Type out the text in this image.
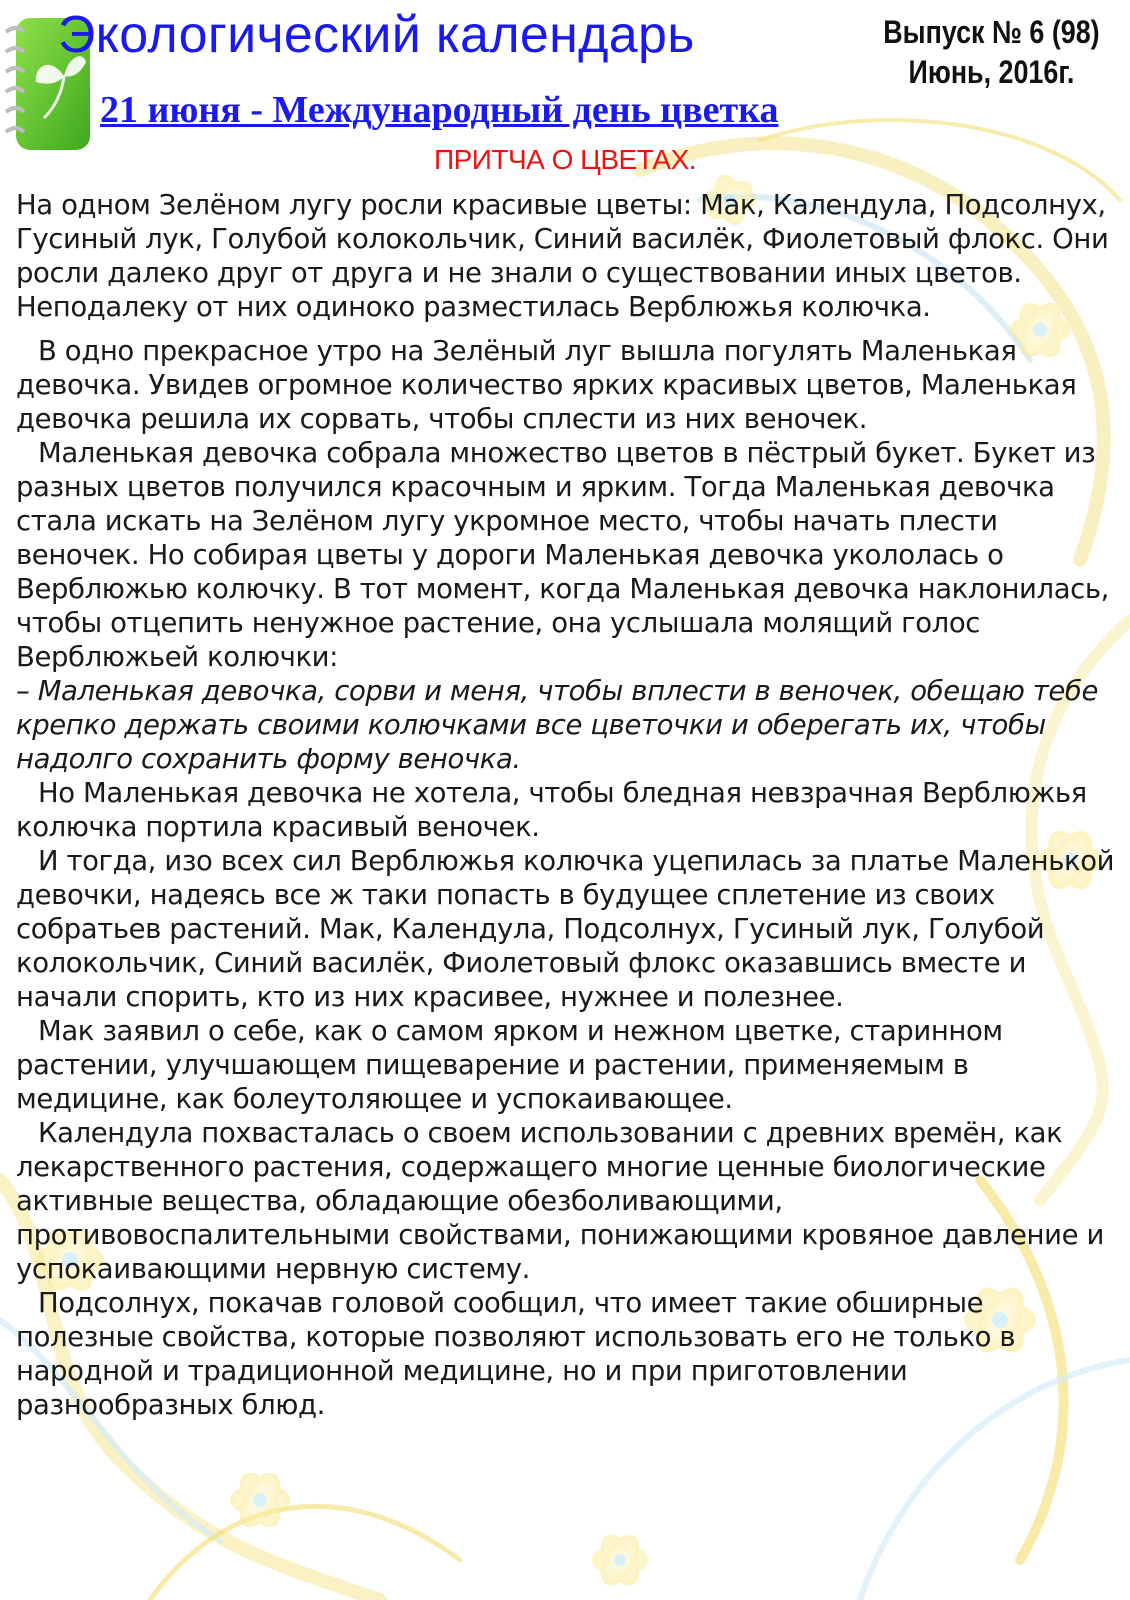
Экологический календарь	Выпуск № 6 (98)
Июнь, 2016г.
21 июня - Международный день цветка
ПРИТЧА О ЦВЕТАХ.

На одном Зелёном лугу росли красивые цветы: Мак, Календула, Подсолнух, Гусиный лук, Голубой колокольчик, Синий василёк, Фиолетовый флокс. Они росли далеко друг от друга и не знали о существовании иных цветов. Неподалеку от них одиноко разместилась Верблюжья колючка.

В одно прекрасное утро на Зелёный луг вышла погулять Маленькая девочка. Увидев огромное количество ярких красивых цветов, Маленькая девочка решила их сорвать, чтобы сплести из них веночек.

Маленькая девочка собрала множество цветов в пёстрый букет. Букет из разных цветов получился красочным и ярким. Тогда Маленькая девочка стала искать на Зелёном лугу укромное место, чтобы начать плести веночек. Но собирая цветы у дороги Маленькая девочка укололась о Верблюжью колючку. В тот момент, когда Маленькая девочка наклонилась, чтобы отцепить ненужное растение, она услышала молящий голос Верблюжьей колючки:

– Маленькая девочка, сорви и меня, чтобы вплести в веночек, обещаю тебе крепко держать своими колючками все цветочки и оберегать их, чтобы надолго сохранить форму веночка.

Но Маленькая девочка не хотела, чтобы бледная невзрачная Верблюжья колючка портила красивый веночек.

И тогда, изо всех сил Верблюжья колючка уцепилась за платье Маленькой девочки, надеясь все ж таки попасть в будущее сплетение из своих собратьев растений. Мак, Календула, Подсолнух, Гусиный лук, Голубой колокольчик, Синий василёк, Фиолетовый флокс оказавшись вместе и начали спорить, кто из них красивее, нужнее и полезнее.

Мак заявил о себе, как о самом ярком и нежном цветке, старинном растении, улучшающем пищеварение и растении, применяемым в медицине, как болеутоляющее и успокаивающее.

Календула похвасталась о своем использовании с древних времён, как лекарственного растения, содержащего многие ценные биологические активные вещества, обладающие обезболивающими, противовоспалительными свойствами, понижающими кровяное давление и успокаивающими нервную систему.

Подсолнух, покачав головой сообщил, что имеет такие обширные полезные свойства, которые позволяют использовать его не только в народной и традиционной медицине, но и при приготовлении разнообразных блюд.
